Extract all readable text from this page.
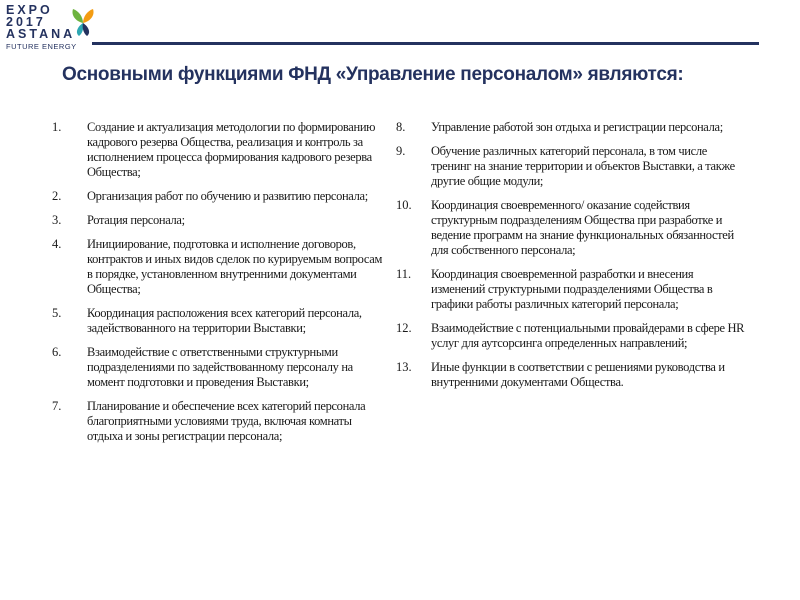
EXPO
2017
ASTANA
FUTURE ENERGY
Основными функциями ФНД «Управление персоналом» являются:
1.	Создание и актуализация методологии по формированию кадрового резерва Общества, реализация и контроль за исполнением процесса формирования кадрового резерва Общества;
2.	Организация работ по обучению и развитию персонала;
3.	Ротация персонала;
4.	Инициирование, подготовка и исполнение договоров, контрактов и иных видов сделок по курируемым вопросам в порядке, установленном внутренними документами Общества;
5.	Координация расположения всех категорий персонала, задействованного на территории Выставки;
6.	Взаимодействие с ответственными структурными подразделениями по задействованному персоналу на момент подготовки и проведения Выставки;
7.	Планирование и обеспечение всех категорий персонала благоприятными условиями труда, включая комнаты отдыха и зоны регистрации персонала;
8.	Управление работой зон отдыха и регистрации персонала;
9.	Обучение различных категорий персонала, в том числе тренинг на знание территории и объектов Выставки, а также другие общие модули;
10.	Координация своевременного/ оказание содействия структурным подразделениям Общества при разработке и ведение программ на знание функциональных обязанностей для собственного персонала;
11.	Координация своевременной разработки и внесения изменений структурными подразделениями Общества в графики работы различных категорий персонала;
12.	Взаимодействие с потенциальными провайдерами в сфере HR услуг для аутсорсинга определенных направлений;
13.	Иные функции в соответствии с решениями руководства и внутренними документами Общества.
